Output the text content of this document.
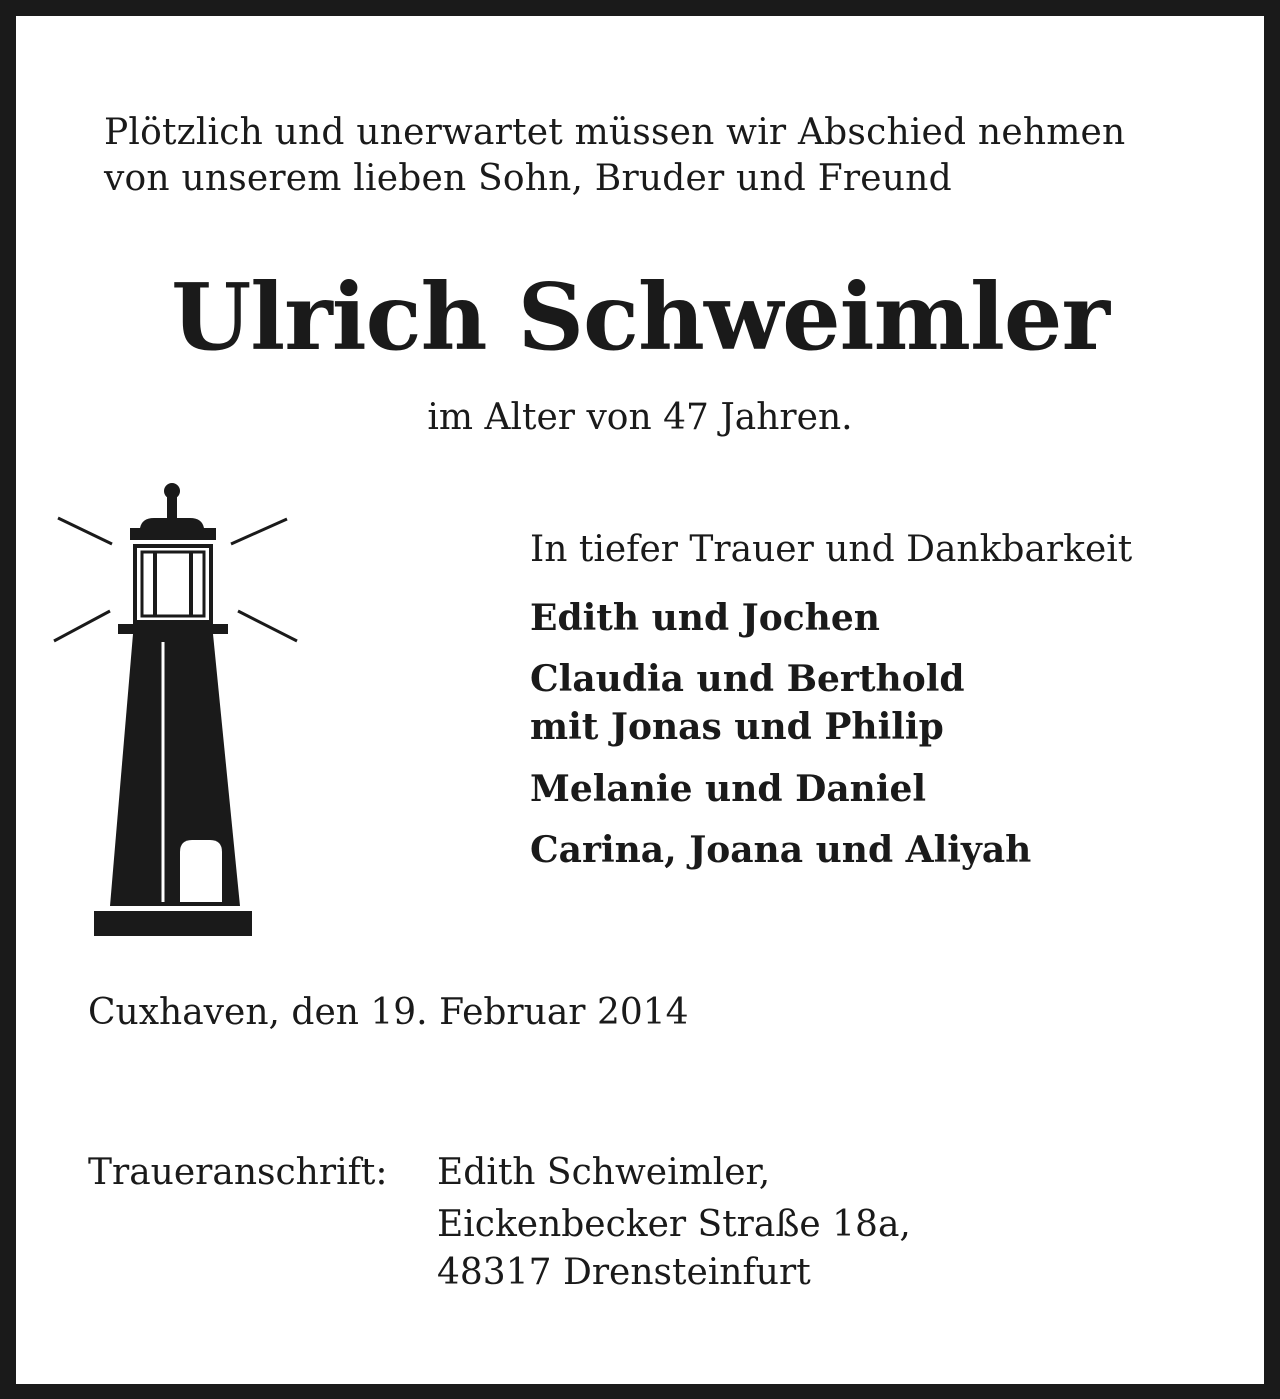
Plötzlich und unerwartet müssen wir Abschied nehmen
von unserem lieben Sohn, Bruder und Freund
Ulrich Schweimler
im Alter von 47 Jahren.
In tiefer Trauer und Dankbarkeit
Edith und Jochen
Claudia und Berthold
mit Jonas und Philip
Melanie und Daniel
Carina, Joana und Aliyah
Cuxhaven, den 19. Februar 2014
Traueranschrift: Edith Schweimler,
Eickenbecker Straße 18a,
48317 Drensteinfurt
